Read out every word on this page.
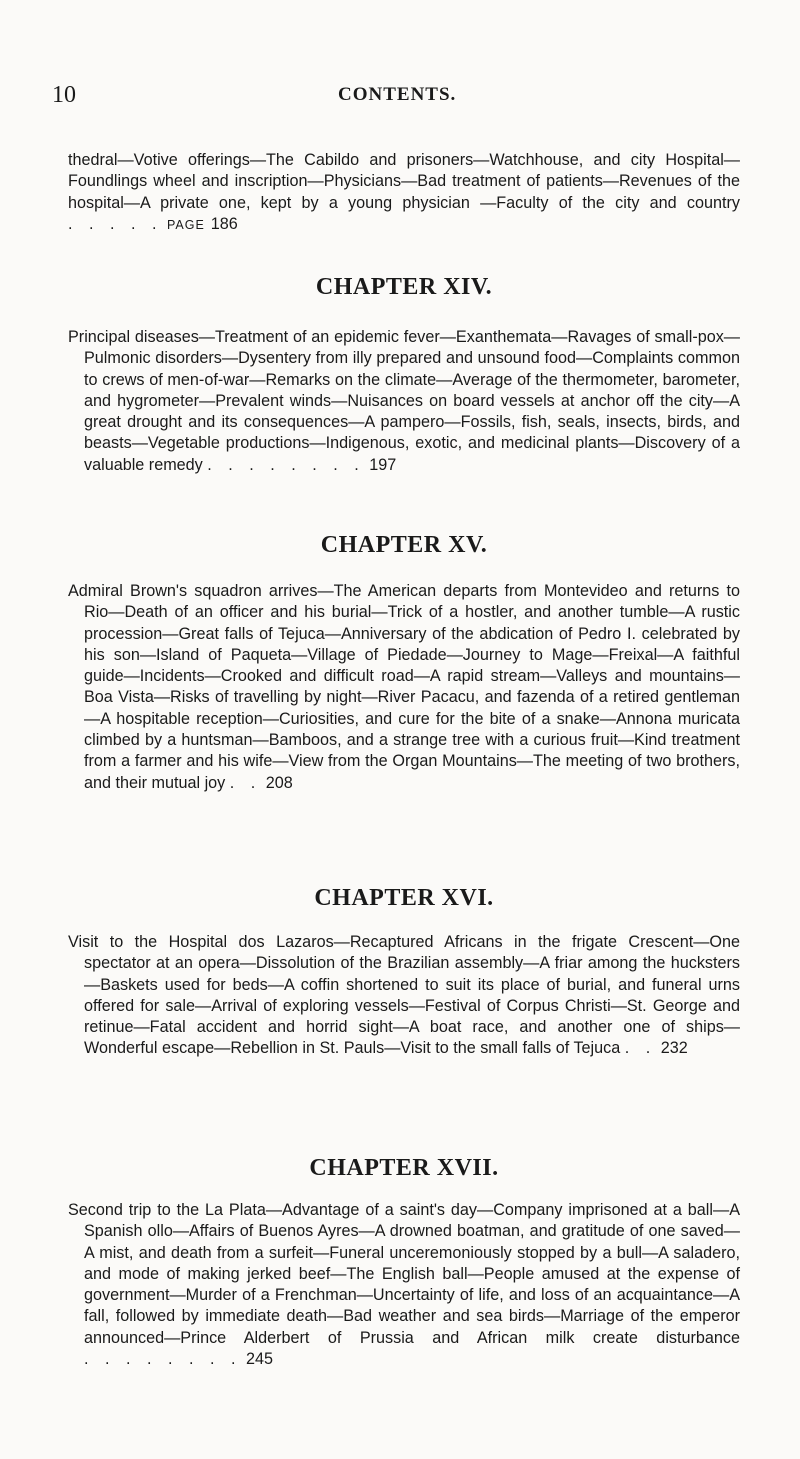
10	CONTENTS.

thedral—Votive offerings—The Cabildo and prisoners—Watchhouse, and city Hospital—Foundlings wheel and inscription—Physicians—Bad treatment of patients—Revenues of the hospital—A private one, kept by a young physician —Faculty of the city and country . . . . . PAGE 186

CHAPTER XIV.

Principal diseases—Treatment of an epidemic fever—Exanthemata—Ravages of small-pox—Pulmonic disorders—Dysentery from illy prepared and unsound food—Complaints common to crews of men-of-war—Remarks on the climate—Average of the thermometer, barometer, and hygrometer—Prevalent winds—Nuisances on board vessels at anchor off the city—A great drought and its consequences—A pampero—Fossils, fish, seals, insects, birds, and beasts—Vegetable productions—Indigenous, exotic, and medicinal plants—Discovery of a valuable remedy . . . . . . . . 197

CHAPTER XV.

Admiral Brown's squadron arrives—The American departs from Montevideo and returns to Rio—Death of an officer and his burial—Trick of a hostler, and another tumble—A rustic procession—Great falls of Tejuca—Anniversary of the abdication of Pedro I. celebrated by his son—Island of Paqueta—Village of Piedade—Journey to Mage—Freixal—A faithful guide—Incidents—Crooked and difficult road—A rapid stream—Valleys and mountains—Boa Vista—Risks of travelling by night—River Pacacu, and fazenda of a retired gentleman—A hospitable reception—Curiosities, and cure for the bite of a snake—Annona muricata climbed by a huntsman—Bamboos, and a strange tree with a curious fruit—Kind treatment from a farmer and his wife—View from the Organ Mountains—The meeting of two brothers, and their mutual joy . . 208

CHAPTER XVI.

Visit to the Hospital dos Lazaros—Recaptured Africans in the frigate Crescent—One spectator at an opera—Dissolution of the Brazilian assembly—A friar among the hucksters—Baskets used for beds—A coffin shortened to suit its place of burial, and funeral urns offered for sale—Arrival of exploring vessels—Festival of Corpus Christi—St. George and retinue—Fatal accident and horrid sight—A boat race, and another one of ships—Wonderful escape—Rebellion in St. Pauls—Visit to the small falls of Tejuca . . 232

CHAPTER XVII.

Second trip to the La Plata—Advantage of a saint's day—Company imprisoned at a ball—A Spanish ollo—Affairs of Buenos Ayres—A drowned boatman, and gratitude of one saved—A mist, and death from a surfeit—Funeral unceremoniously stopped by a bull—A saladero, and mode of making jerked beef—The English ball—People amused at the expense of government—Murder of a Frenchman—Uncertainty of life, and loss of an acquaintance—A fall, followed by immediate death—Bad weather and sea birds—Marriage of the emperor announced—Prince Alderbert of Prussia and African milk create disturbance . . . . . . . . 245
